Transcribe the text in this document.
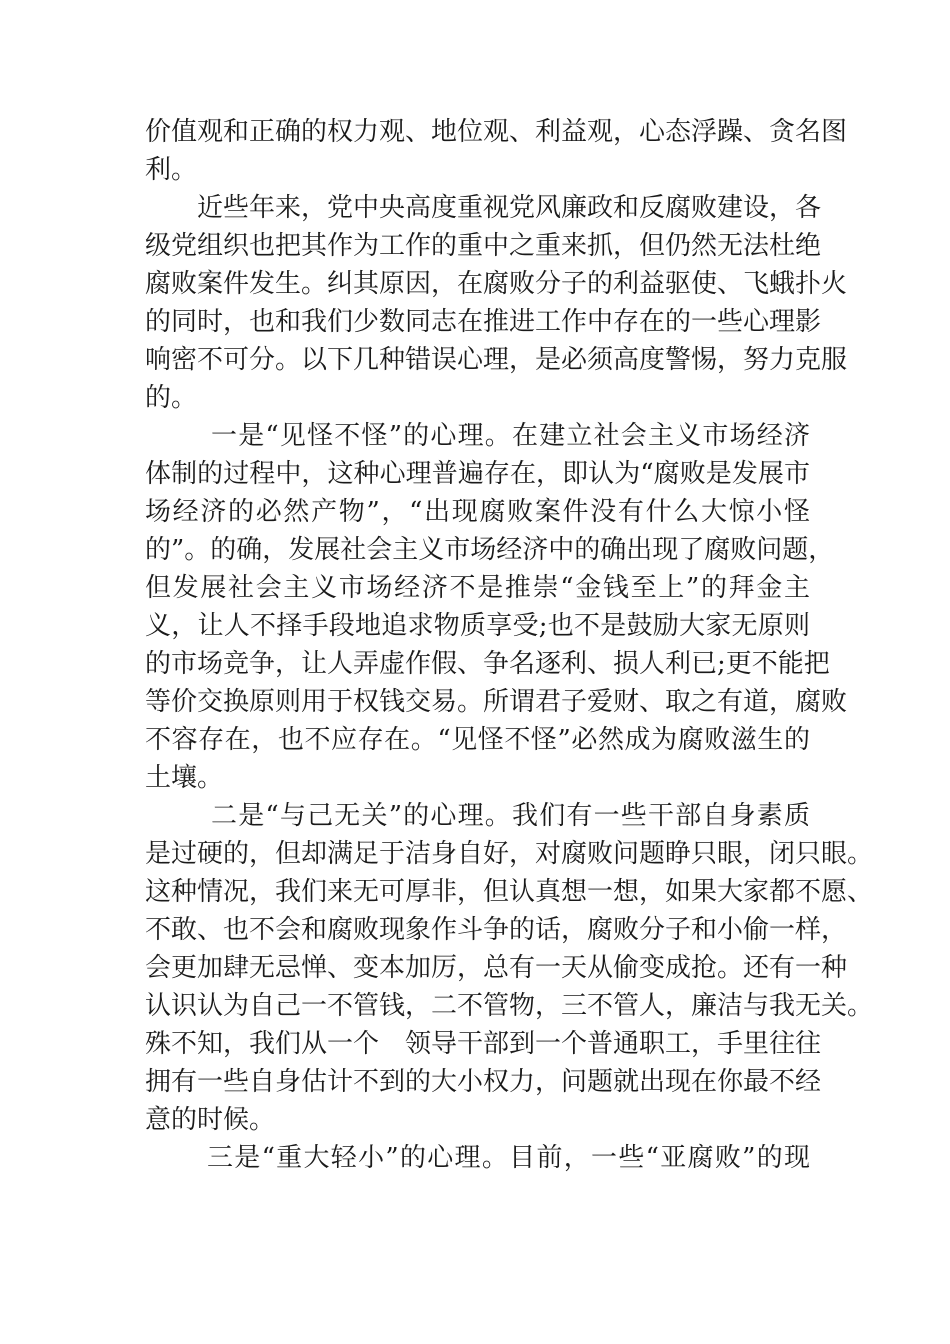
价值观和正确的权力观、地位观、利益观，心态浮躁、贪名图
利。
近些年来，党中央高度重视党风廉政和反腐败建设，各
级党组织也把其作为工作的重中之重来抓，但仍然无法杜绝
腐败案件发生。纠其原因，在腐败分子的利益驱使、飞蛾扑火
的同时，也和我们少数同志在推进工作中存在的一些心理影
响密不可分。以下几种错误心理，是必须高度警惕，努力克服
的。
一是“见怪不怪”的心理。在建立社会主义市场经济
体制的过程中，这种心理普遍存在，即认为“腐败是发展市
场经济的必然产物”，“出现腐败案件没有什么大惊小怪
的”。的确，发展社会主义市场经济中的确出现了腐败问题，
但发展社会主义市场经济不是推崇“金钱至上”的拜金主
义，让人不择手段地追求物质享受;也不是鼓励大家无原则
的市场竞争，让人弄虚作假、争名逐利、损人利已;更不能把
等价交换原则用于权钱交易。所谓君子爱财、取之有道，腐败
不容存在，也不应存在。“见怪不怪”必然成为腐败滋生的
土壤。
二是“与己无关”的心理。我们有一些干部自身素质
是过硬的，但却满足于洁身自好，对腐败问题睁只眼，闭只眼。
这种情况，我们来无可厚非，但认真想一想，如果大家都不愿、
不敢、也不会和腐败现象作斗争的话，腐败分子和小偷一样，
会更加肆无忌惮、变本加厉，总有一天从偷变成抢。还有一种
认识认为自己一不管钱，二不管物，三不管人，廉洁与我无关。
殊不知，我们从一个　领导干部到一个普通职工，手里往往
拥有一些自身估计不到的大小权力，问题就出现在你最不经
意的时候。
三是“重大轻小”的心理。目前，一些“亚腐败”的现
